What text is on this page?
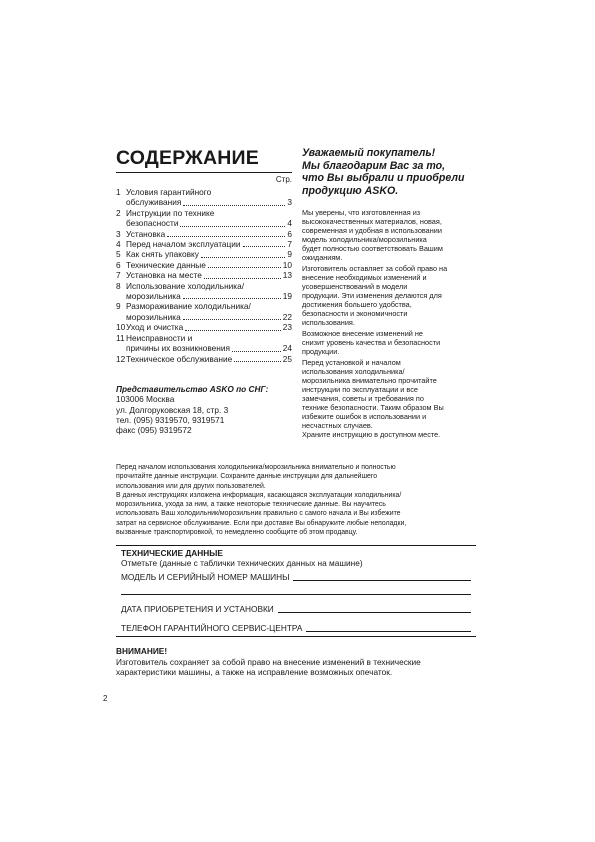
СОДЕРЖАНИЕ
Стр.
1 Условия гарантийного
обслуживания	3
2 Инструкции по технике
безопасности	4
3 Установка	6
4 Перед началом эксплуатации	7
5 Как снять упаковку	9
6 Технические данные	10
7 Установка на месте	13
8 Использование холодильника/
морозильника	19
9 Размораживание холодильника/
морозильника	22
10 Уход и очистка	23
11 Неисправности и
причины их возникновения	24
12 Техническое обслуживание	25
Представительство ASKO по СНГ:
103006 Москва
ул. Долгоруковская 18, стр. 3
тел. (095) 9319570, 9319571
факс (095) 9319572
Уважаемый покупатель!
Мы благодарим Вас за то,
что Вы выбрали и приобрели
продукцию ASKO.

Мы уверены, что изготовленная из
высококачественных материалов, новая,
современная и удобная в использовании
модель холодильника/морозильника
будет полностью соответствовать Вашим
ожиданиям.

Изготовитель оставляет за собой право на
внесение необходимых изменений и
усовершенствований в модели
продукции. Эти изменения делаются для
достижения большего удобства,
безопасности и экономичности
использования.

Возможное внесение изменений не
снизит уровень качества и безопасности
продукции.

Перед установкой и началом
использования холодильника/
морозильника внимательно прочитайте
инструкции по эксплуатации и все
замечания, советы и требования по
технике безопасности. Таким образом Вы
избежите ошибок в использовании и
несчастных случаев.
Храните инструкцию в доступном месте.

Перед началом использования холодильника/морозильника внимательно и полностью
прочитайте данные инструкции. Сохраните данные инструкции для дальнейшего
использования или для других пользователей.
В данных инструкциях изложена информация, касающаяся эксплуатации холодильника/
морозильника, ухода за ним, а также некоторые технические данные. Вы научитесь
использовать Ваш холодильник/морозильник правильно с самого начала и Вы избежите
затрат на сервисное обслуживание. Если при доставке Вы обнаружите любые неполадки,
вызванные транспортировкой, то немедленно сообщите об этом продавцу.
ТЕХНИЧЕСКИЕ ДАННЫЕ
Отметьте (данные с таблички технических данных на машине)
МОДЕЛЬ И СЕРИЙНЫЙ НОМЕР МАШИНЫ
ДАТА ПРИОБРЕТЕНИЯ И УСТАНОВКИ
ТЕЛЕФОН ГАРАНТИЙНОГО СЕРВИС-ЦЕНТРА
ВНИМАНИЕ!
Изготовитель сохраняет за собой право на внесение изменений в технические
характеристики машины, а также на исправление возможных опечаток.
2
